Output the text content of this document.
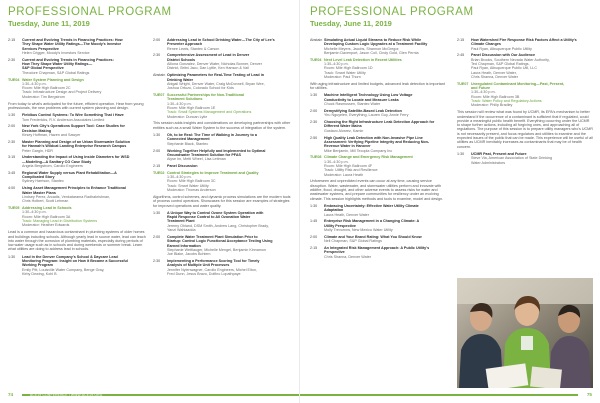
PROFESSIONAL PROGRAM
Tuesday, June 11, 2019
2:15	Current and Evolving Trends in Financing Practices: How
They Shape Water Utility Ratings—The Moody's Investor
Services Perspective
Helen Crigger, Moody's Investors Service
2:30	Current and Evolving Trends in Financing Practices:
How They Shape Water Utility Ratings—
S&P Global Perspective
Theodore Chapman, S&P Global Ratings
TUE04 Water System Planning and Design
1:30–4:30 p.m.
Room: Mile High Ballroom 2C
Track: Infrastructure Design and Project Delivery
Moderator: Tim Bergstrom
From today to what's anticipated for the future, efficient operation. Hear from young professionals, the new problems with current system planning and design.
1:30	Fieldbus Control Systems: To Wire Something That I Have
Tom Fredericks, R.V. Anderson Associates Limited
2:00	New York City's Operations Support Tool: Case Studies for
Decision Making
Kirsey Hoffman, Hazen and Sawyer
2:30	Master Planning and Design of an Urban Stormwater Solution
for Hannah's Wildcat Landing Enterprise Research Campus
Peter Gargin, HDR
3:15	Understanding the Impact of Using Inside Diameters for WSD
—Modeling—A Sanitary CO Case Study
Angela Bergstrom, Carollo Engineers
3:45	Regional Water Supply versus Plant Rehabilitation—A
Complicated Story
Sydney Harrison, Stantec
4:00	Using Asset Management Principles to Enhance Traditional
Water Master Plans
Lindsey Perez, Arcadis, Venkatarama Radhakrishnan,
Chris Holbert, Scott Lehman
TUE05 Addressing Lead in Schools
1:30–4:30 p.m.
Room: Mile High Ballroom 3A
Track: Managing Lead in Distribution Systems
Moderator: Heather Edwards
Lead is a common and hazardous contaminant in plumbing systems of older homes and buildings including schools. Although yearly lead in source water, lead can leach into water through the corrosion of plumbing materials, especially during periods of low water usage such as in schools and during weekends or summer break. Learn what utilities are doing to address lead in schools.
1:30	Lead in the Denver Company's School & Daycare Lead
Monitoring Program: Insight on How it Became a Successful
Working Program
Emily Pitt, Louisville Water Company, Benge Gray,
Kirby Dewing, Kohl B
2:00	Addressing Lead in School Drinking Water—The City of Lee's
Presenter Approach
Renee Lewis, Stantec & Carson
2:30	Comprehensive Assessment of Lead in Denver
District Schools
Alliona Gonzalez, Denver Water, Nicholas Bonner, Denver
District, Britni Jaco, Dan Lyttle, Ken Hanson & Vail
Abstain Optimizing Parameters for Real-Time Testing of Lead in
Drinking Water
Abigail Wright, Denver Water, Craig McDonnell, Bryan Wee,
Joshua Ortuzo, Colorado School for Kids
TUE07 Successful Partnerships for Non-Traditional
Treatment Solutions
1:30–4:30 p.m.
Room: Mile High Ballroom 1E
Track: Small Systems Management and Operations
Moderator: Duncan Lytle
This session adds insights and considerations on developing partnerships with other entities such as a small Water System to the success of integration of the system.
1:30	Oh, to be Real: The Time of Walking in Journey to a
Connected Management
Stephanie Black, Stantec
2:00	Working Together Helpfully and Implemented to Optimal
Groundwater Treatment Solution for PFAS
Alyse Im, Metti Wheel, Lisa Lettman
2:15	Panel Discussion
TUE02 Control Strategies to Improve Treatment and Quality
1:30–4:30 p.m.
Room: Mile High Ballroom 3C
Track: Smart Water Utility
Moderator: Thomas Anderson
Algorithms, control schemes, and dynamic process simulations are the modern tools of process control operators. Showcases for this session are examples of strategies for improved operations and water quality.
1:30	A Unique Way to Control Ozone System Operation with
Rapid Response Control to All Ozonation Water
Treatment Plant
Jeremy Ohland, DSM Smith, Andrew Lang, Christopher Brady,
Yanzi Wahiaadda
2:00	Complete Water Treatment Plant Simulation Prior to
Startup: Control Logic Functional Acceptance Testing Using
Earned Information
Stephanie Wettlauger, Michelle Mengel, Benjamin Kinnamon
Joe Blake, Jacobs Bohlem
2:30	Implementing a Performance Scoring Tool for Timely
Analysis of Multiple Unit Processes
Jennifer Nylenwagner, Carollo Engineers, Michel Elton,
Fred Dunn, Jesus Bravo, Dolfino Lopathpaye
74	ACE19 CONFERENCE | WWW.ACE19.ORG
PROFESSIONAL PROGRAM
Tuesday, June 11, 2019
Abstain Simulating Actual Liquid Streams to Reduce Risk While
Developing Custom Logic Upgrades at a Treatment Facility
Michelle Meyers, Jacobs, Shannon McGregor,
Benjamin Davenport, Jason Coll, Cindy Gold, Glen Pernia
TUE04 Next Level Leak Detection in Recent Utilities
1:30–4:30 p.m.
Room: Mile High Ballroom 1D
Track: Smart Water Utility
Moderator: Paul Thorn
With aging infrastructure and limited budgets, advanced leak detection is important for utilities.
1:30	Machine Intelligent Technology Using Low Voltage
Conductivity to Locate and Measure Leaks
Chuck Rasmussen, Stantec Water
2:00	Demystifying Satellite-Based Leak Detection
Yiru Nguyelen, Everything, Lauren Guy, Annie Ferry
2:30	Choosing the Right Infrastructure Leak Detection Approach for
Different Water Mains
Gustavo Alvarez, Kamin
2:50	High Quality Leak Detection with Non-Invasive Pipe Line
Assessment: Verifying Pipeline Integrity and Reducing Non-
Revenue Water in Hanover
Mike Benjamin, Mill Tecopia Company Inc
TUE08 Climate Change and Emergency Risk Management
1:30–4:30 p.m.
Room: Mile High Ballroom 4F
Track: Utility Risk and Resilience
Moderator: Laura Heath
Unforeseen and unpredicted events can occur at any time, causing service disruption. Water, wastewater, and stormwater utilities perform and innovate with wildfire, flood, drought, and other adverse events to assess risks for water and wastewater systems, and prepare communities for resiliency under an evolving climate. This session highlights methods and tools to examine, model and design.
1:30	Embracing Uncertainty: Effective Water Utility Climate
Adaptation
Laura Heath, Denver Water
1:45	Enterprise Risk Management in a Changing Climate: A
Utility Perspective
Molly Trevorrow, New Mexico Water Utility
2:00	Climate and Your Brand Rating: What You Should Know
Neil Chapman, S&P Global Ratings
2:15	An Integrated Risk Management Approach: A Public Utility's
Perspective
Chris Shanna, Denver Water
2:15	How Watershed Fire Response Risk Factors Affect a Utility's
Climate Changes
Paul Ryan, Albuquerque Public Utility
2:45	Panel Discussion with Our Audience
Brian Brooks, Southern Nevada Water Authority,
Ted Chapman, S&P Global Ratings,
Paul Ryan, Albuquerque Public Util, LLC
Laura Heath, Denver Water,
Chris Shanna, Denver Water
TUE07 Unregulated Contaminant Monitoring—Past, Present,
and Future
1:30–4:30 p.m.
Room: Mile High Ballroom 3B
Track: Water Policy and Regulatory Actions
Moderator: Philip Bradley
This session will review what was found by UCMR, its EPA's mechanism to better understand if the occurrence of a contaminant is sufficient that if regulated, could provide a meaningful public health benefit. Everything occurring under the UCMR to shape further actions, including all forgiving ones, and approaching all of regulations. The purpose of this session is to prepare utility managers who's UCMR is not necessarily present, and focus regulators and utilities to examine and the expected issues of the public that can be made. This experience will be useful of all utilities as UCMR inevitably increases as contaminants that may be of health concern.
1:30	UCMR Past, Present and Future
Steve Via, American Association of State Drinking
Water Administrators
75
